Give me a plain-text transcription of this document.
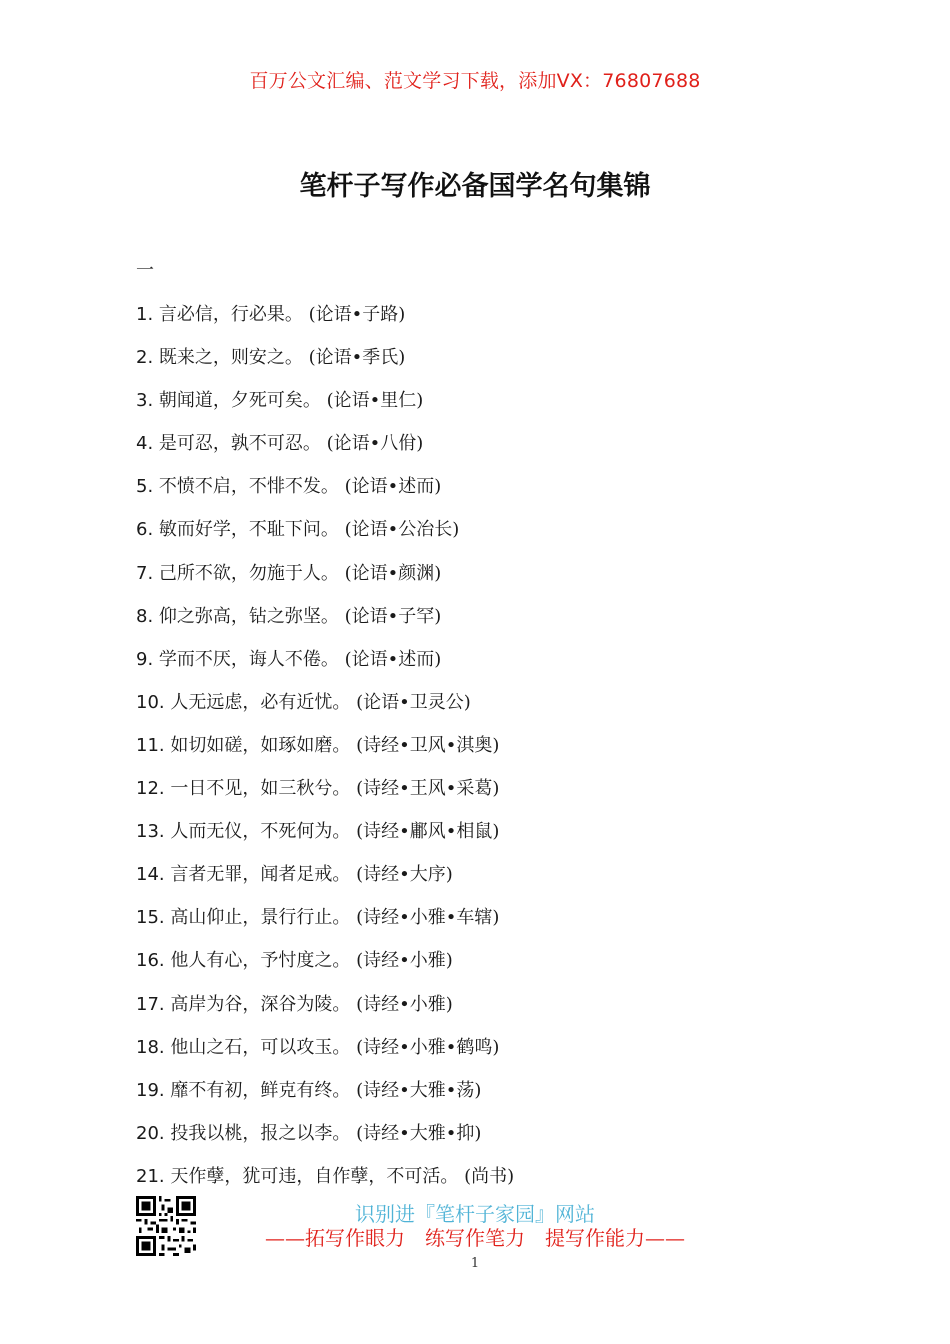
百万公文汇编、范文学习下载，添加VX：76807688
笔杆子写作必备国学名句集锦
一
1. 言必信，行必果。 (论语•子路)
2. 既来之，则安之。 (论语•季氏)
3. 朝闻道，夕死可矣。 (论语•里仁)
4. 是可忍，孰不可忍。 (论语•八佾)
5. 不愤不启，不悱不发。 (论语•述而)
6. 敏而好学，不耻下问。 (论语•公冶长)
7. 己所不欲，勿施于人。 (论语•颜渊)
8. 仰之弥高，钻之弥坚。 (论语•子罕)
9. 学而不厌，诲人不倦。 (论语•述而)
10. 人无远虑，必有近忧。 (论语•卫灵公)
11. 如切如磋，如琢如磨。 (诗经•卫风•淇奥)
12. 一日不见，如三秋兮。 (诗经•王风•采葛)
13. 人而无仪，不死何为。 (诗经•鄘风•相鼠)
14. 言者无罪，闻者足戒。 (诗经•大序)
15. 高山仰止，景行行止。 (诗经•小雅•车辖)
16. 他人有心，予忖度之。 (诗经•小雅)
17. 高岸为谷，深谷为陵。 (诗经•小雅)
18. 他山之石，可以攻玉。 (诗经•小雅•鹤鸣)
19. 靡不有初，鲜克有终。 (诗经•大雅•荡)
20. 投我以桃，报之以李。 (诗经•大雅•抑)
21. 天作孽，犹可违，自作孽，不可活。 (尚书)
识别进『笔杆子家园』网站
——拓写作眼力　练写作笔力　提写作能力——
1
